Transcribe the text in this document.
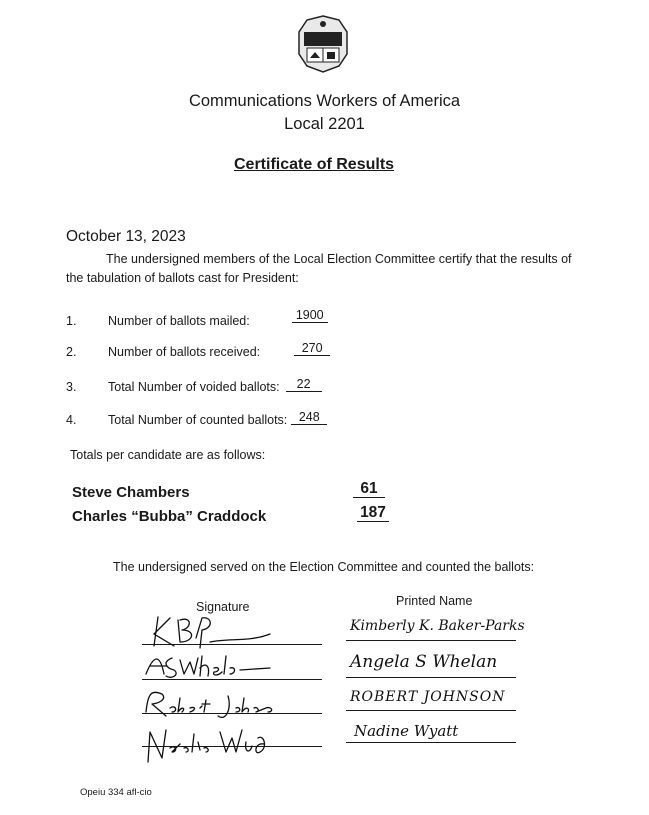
Communications Workers of America
Local 2201
Certificate of Results
October 13, 2023
The undersigned members of the Local Election Committee certify that the results of the tabulation of ballots cast for President:
1.	Number of ballots mailed:	1900
2.	Number of ballots received:	270
3.	Total Number of voided ballots: 22
4.	Total Number of counted ballots: 248
Totals per candidate are as follows:
Steve Chambers	61
Charles “Bubba” Craddock	187
The undersigned served on the Election Committee and counted the ballots:
Signature	Printed Name
Kimberly K. Baker-Parks
Angela S Whelan
ROBERT JOHNSON
Nadine Wyatt
Opeiu 334 afl-cio
